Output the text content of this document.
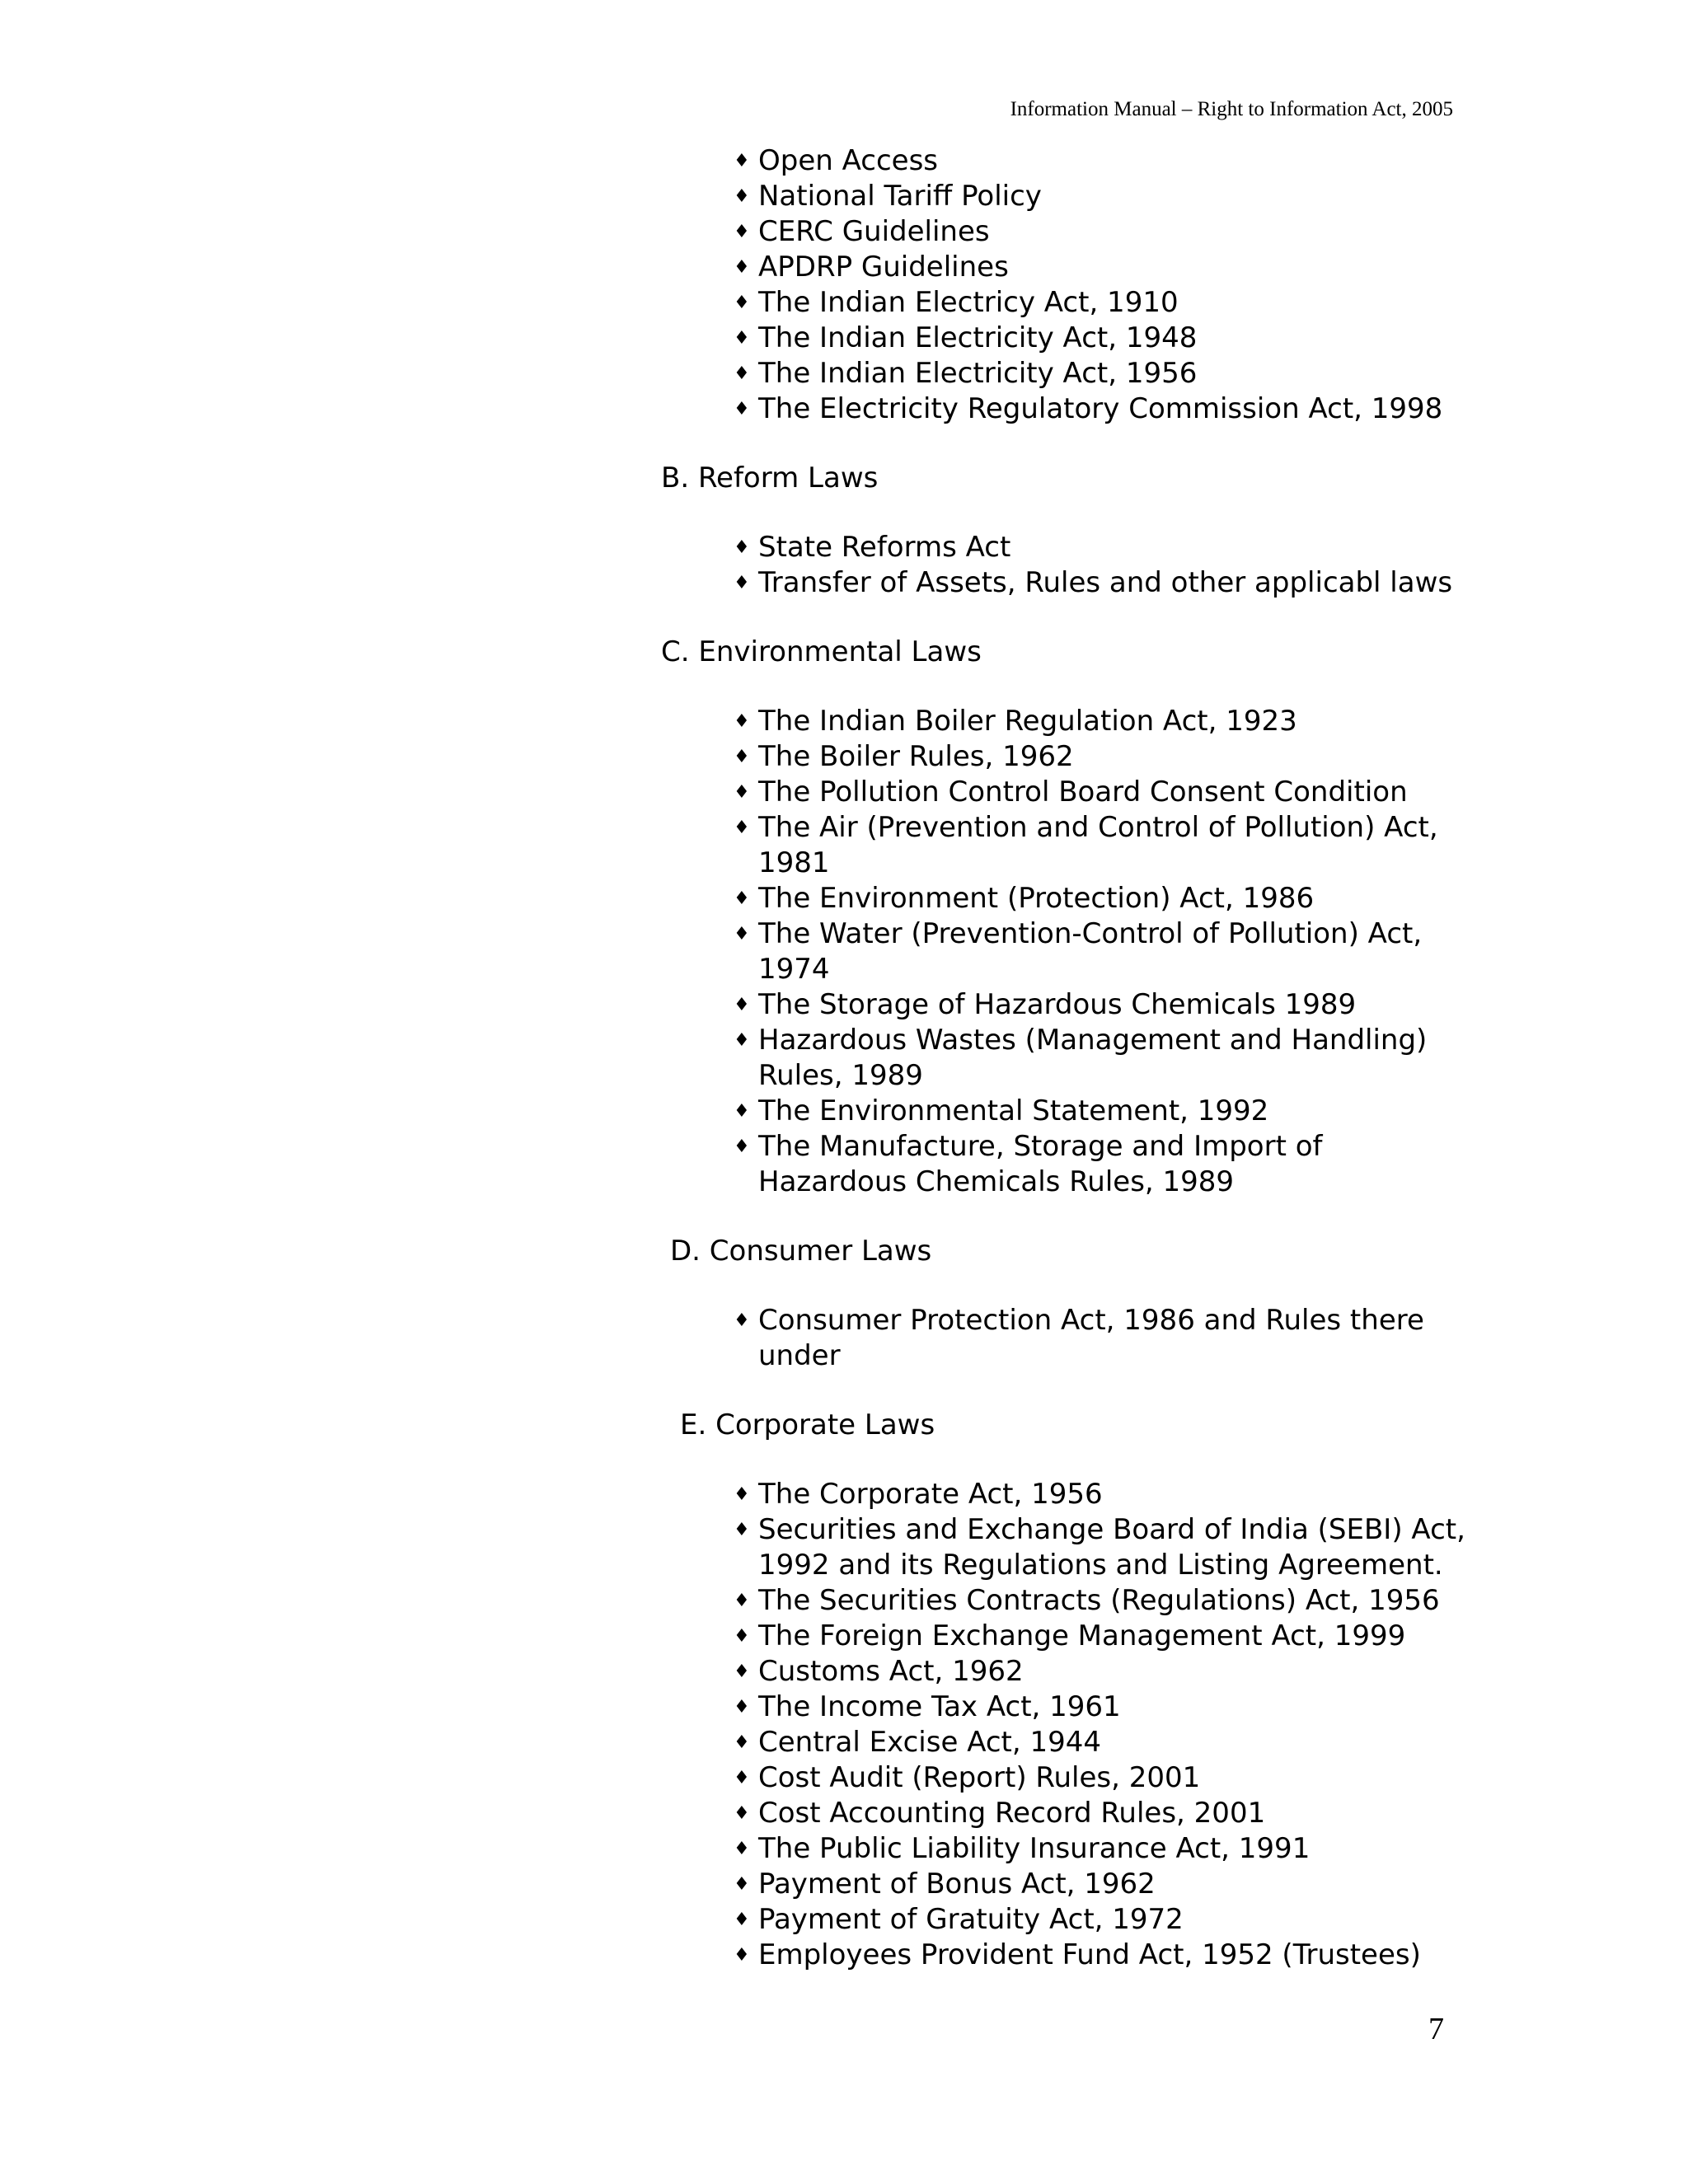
Information Manual – Right to Information Act, 2005
♦ Open Access
♦ National Tariff Policy
♦ CERC Guidelines
♦ APDRP Guidelines
♦ The Indian Electricy Act, 1910
♦ The Indian Electricity Act, 1948
♦ The Indian Electricity Act, 1956
♦ The Electricity Regulatory Commission Act, 1998
B. Reform Laws
♦ State Reforms Act
♦ Transfer of Assets, Rules and other applicabl laws
C. Environmental Laws
♦ The Indian Boiler Regulation Act, 1923
♦ The Boiler Rules, 1962
♦ The Pollution Control Board Consent Condition
♦ The Air (Prevention and Control of Pollution) Act, 1981
♦ The Environment (Protection) Act, 1986
♦ The Water (Prevention-Control of Pollution) Act, 1974
♦ The Storage of Hazardous Chemicals 1989
♦ Hazardous Wastes (Management and Handling) Rules, 1989
♦ The Environmental Statement, 1992
♦ The Manufacture, Storage and Import of Hazardous Chemicals Rules, 1989
D. Consumer Laws
♦ Consumer Protection Act, 1986 and Rules there under
E. Corporate Laws
♦ The Corporate Act, 1956
♦ Securities and Exchange Board of India (SEBI) Act, 1992 and its Regulations and Listing Agreement.
♦ The Securities Contracts (Regulations) Act, 1956
♦ The Foreign Exchange Management Act, 1999
♦ Customs Act, 1962
♦ The Income Tax Act, 1961
♦ Central Excise Act, 1944
♦ Cost Audit (Report) Rules, 2001
♦ Cost Accounting Record Rules, 2001
♦ The Public Liability Insurance Act, 1991
♦ Payment of Bonus Act, 1962
♦ Payment of Gratuity Act, 1972
♦ Employees Provident Fund Act, 1952 (Trustees)
7
